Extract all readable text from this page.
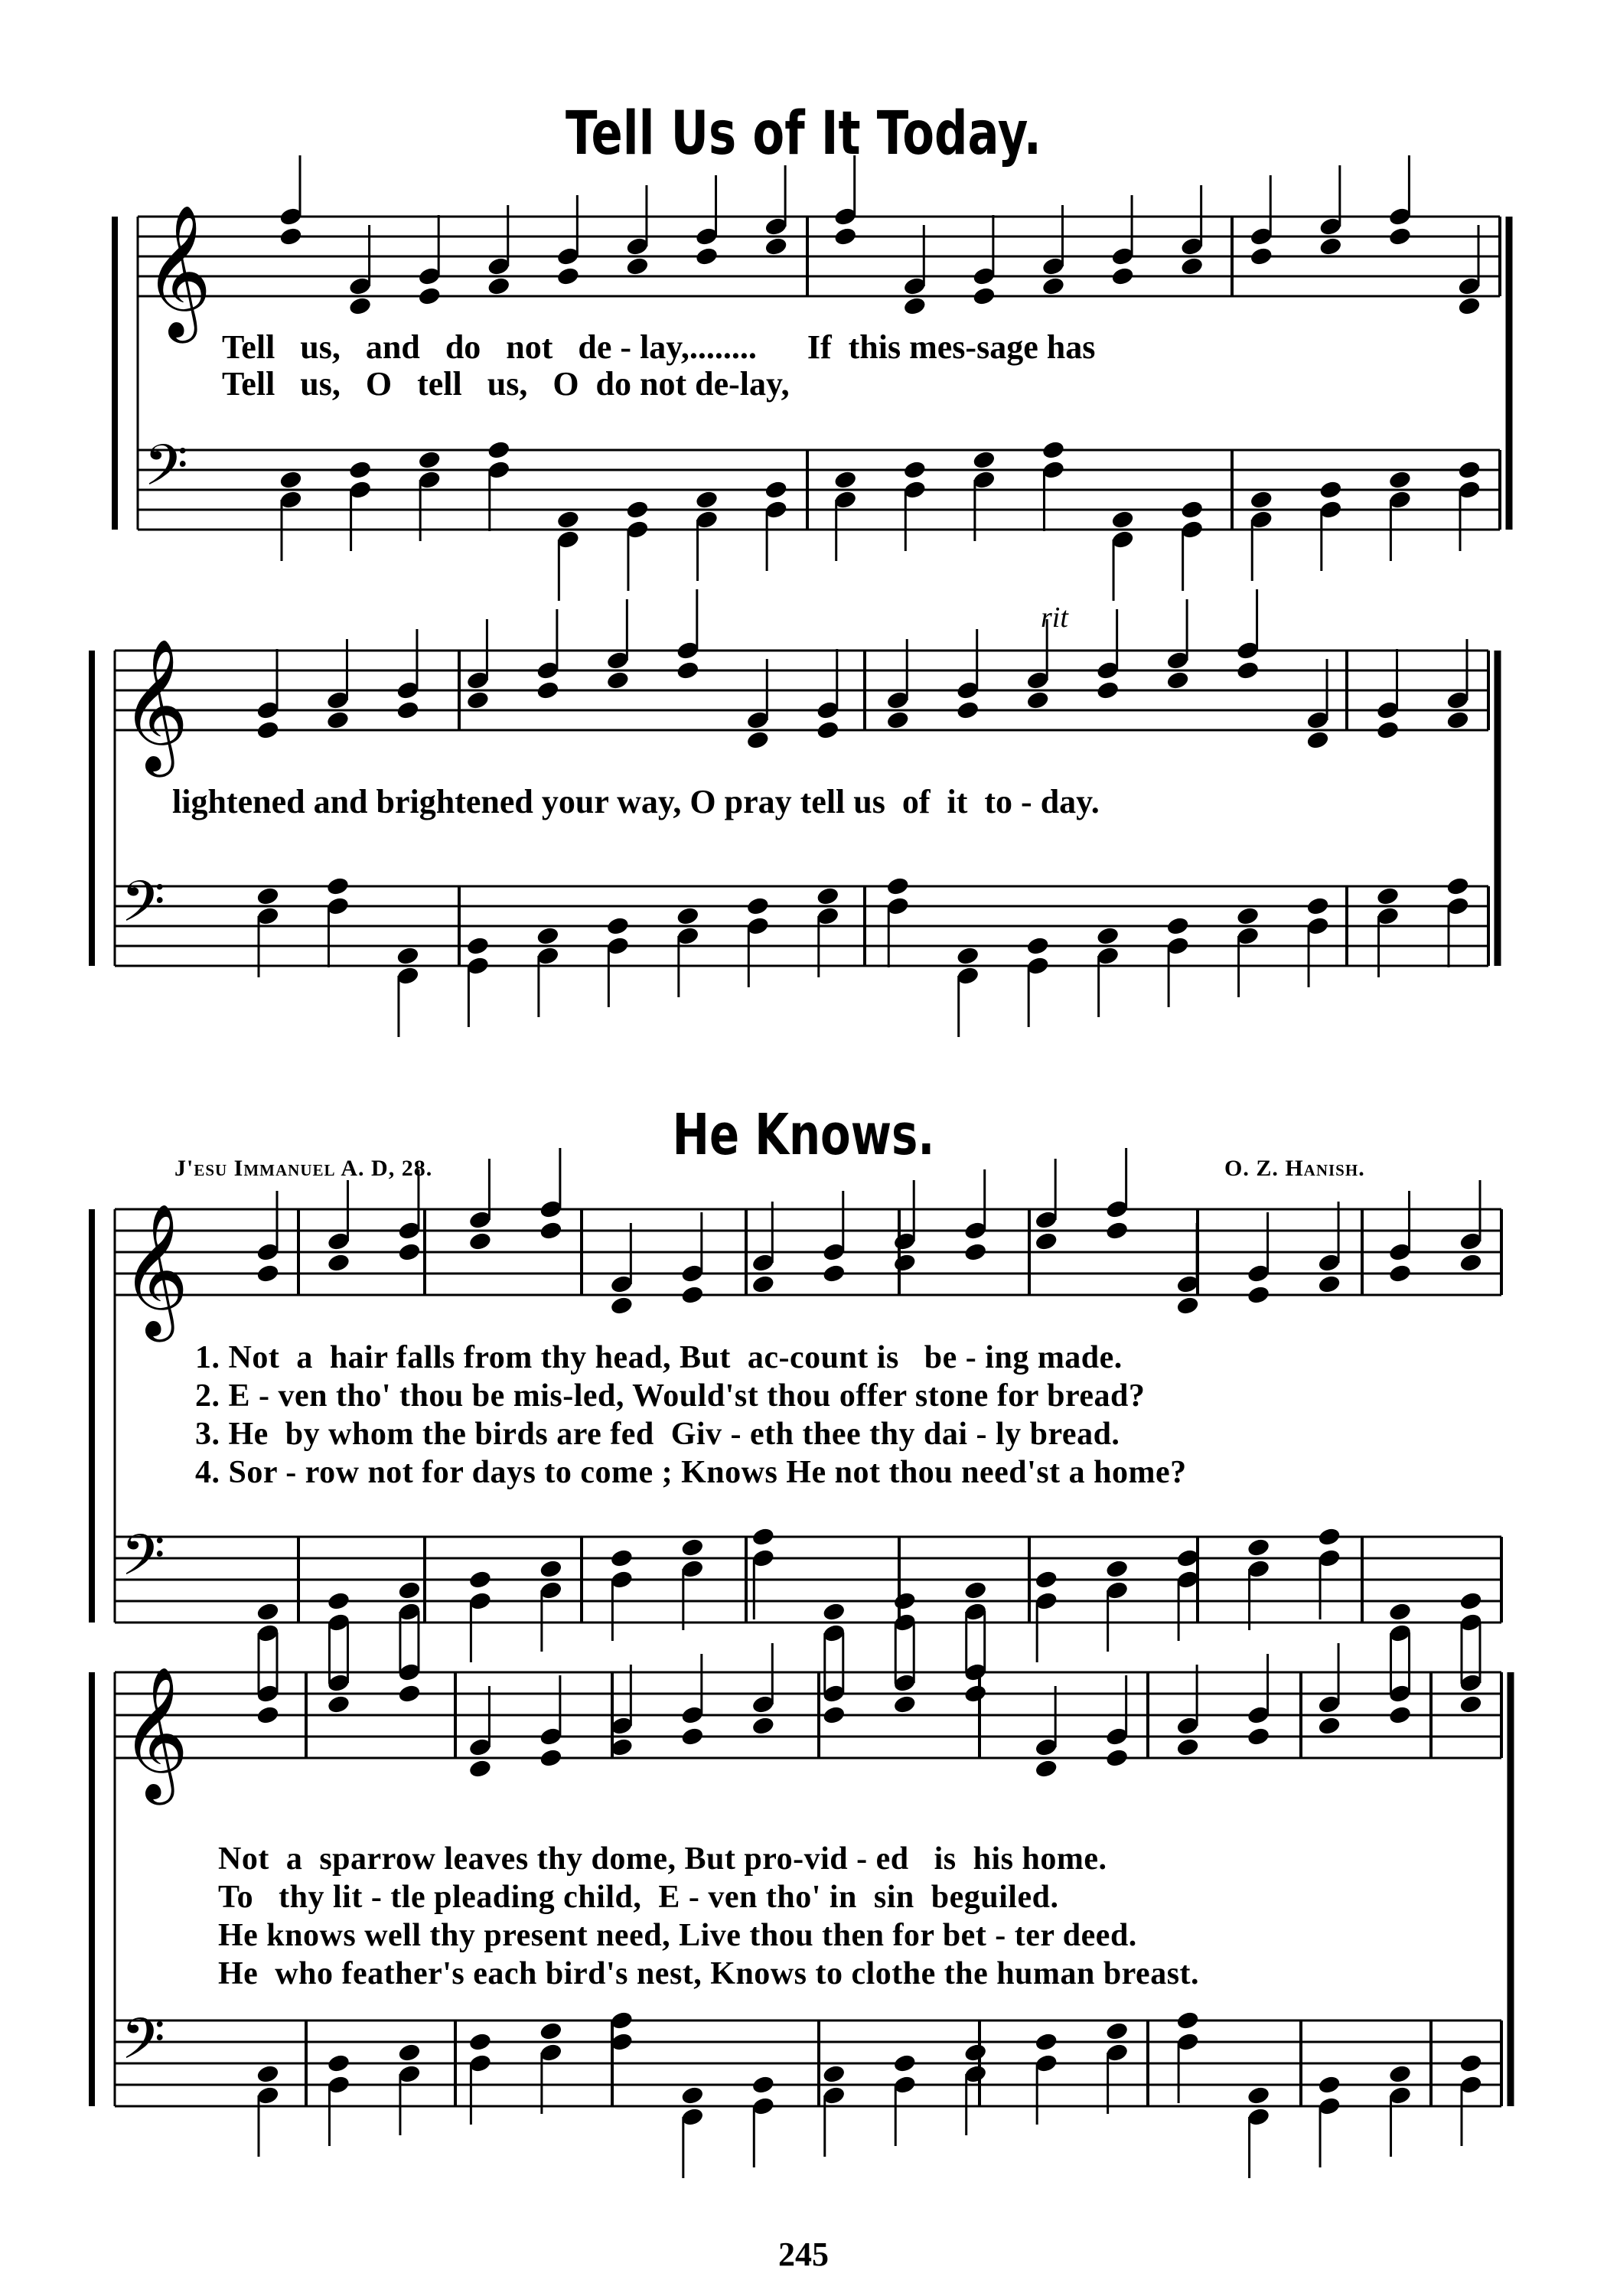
Tell Us of It Today.
Tell   us,   and   do   not   de - lay,........      If  this mes-sage has
Tell   us,   O   tell   us,   O  do not de-lay,
rit
lightened and brightened your way, O pray tell us  of  it  to - day.
He Knows.
J'esu Immanuel A. D, 28.	O. Z. Hanish.
1. Not  a  hair falls from thy head, But  ac-count is   be - ing made.
2. E - ven tho' thou be mis-led, Would'st thou offer stone for bread?
3. He  by whom the birds are fed  Giv - eth thee thy dai - ly bread.
4. Sor - row not for days to come ; Knows He not thou need'st a home?
Not  a  sparrow leaves thy dome, But pro-vid - ed   is  his home.
To   thy lit - tle pleading child,  E - ven tho' in  sin  beguiled.
He knows well thy present need, Live thou then for bet - ter deed.
He  who feather's each bird's nest, Knows to clothe the human breast.
245
𝄞
𝄢
𝄞
𝄢
𝄞
𝄢
𝄞
𝄢
